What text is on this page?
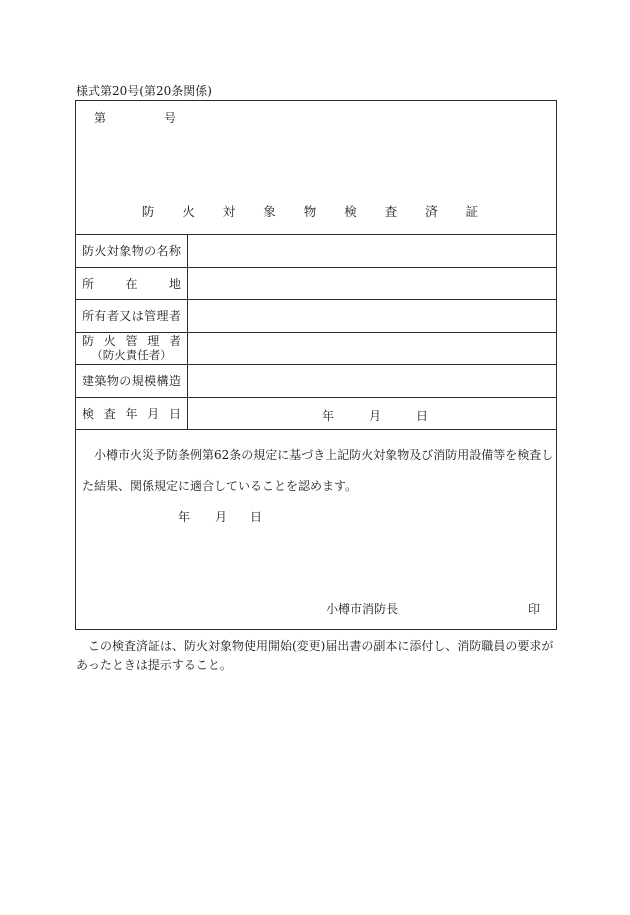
様式第20号(第20条関係)
第	号
防 火 対 象 物 検 査 済 証
防火対象物の名称
所　　在　　地
所有者又は管理者
防 火 管 理 者
（防火責任者）
建築物の規模構造
検 査 年 月 日	年	月	日
小樽市火災予防条例第62条の規定に基づき上記防火対象物及び消防用設備等を検査し
た結果、関係規定に適合していることを認めます。
年 月 日
小樽市消防長	印
この検査済証は、防火対象物使用開始(変更)届出書の副本に添付し、消防職員の要求が
あったときは提示すること。
